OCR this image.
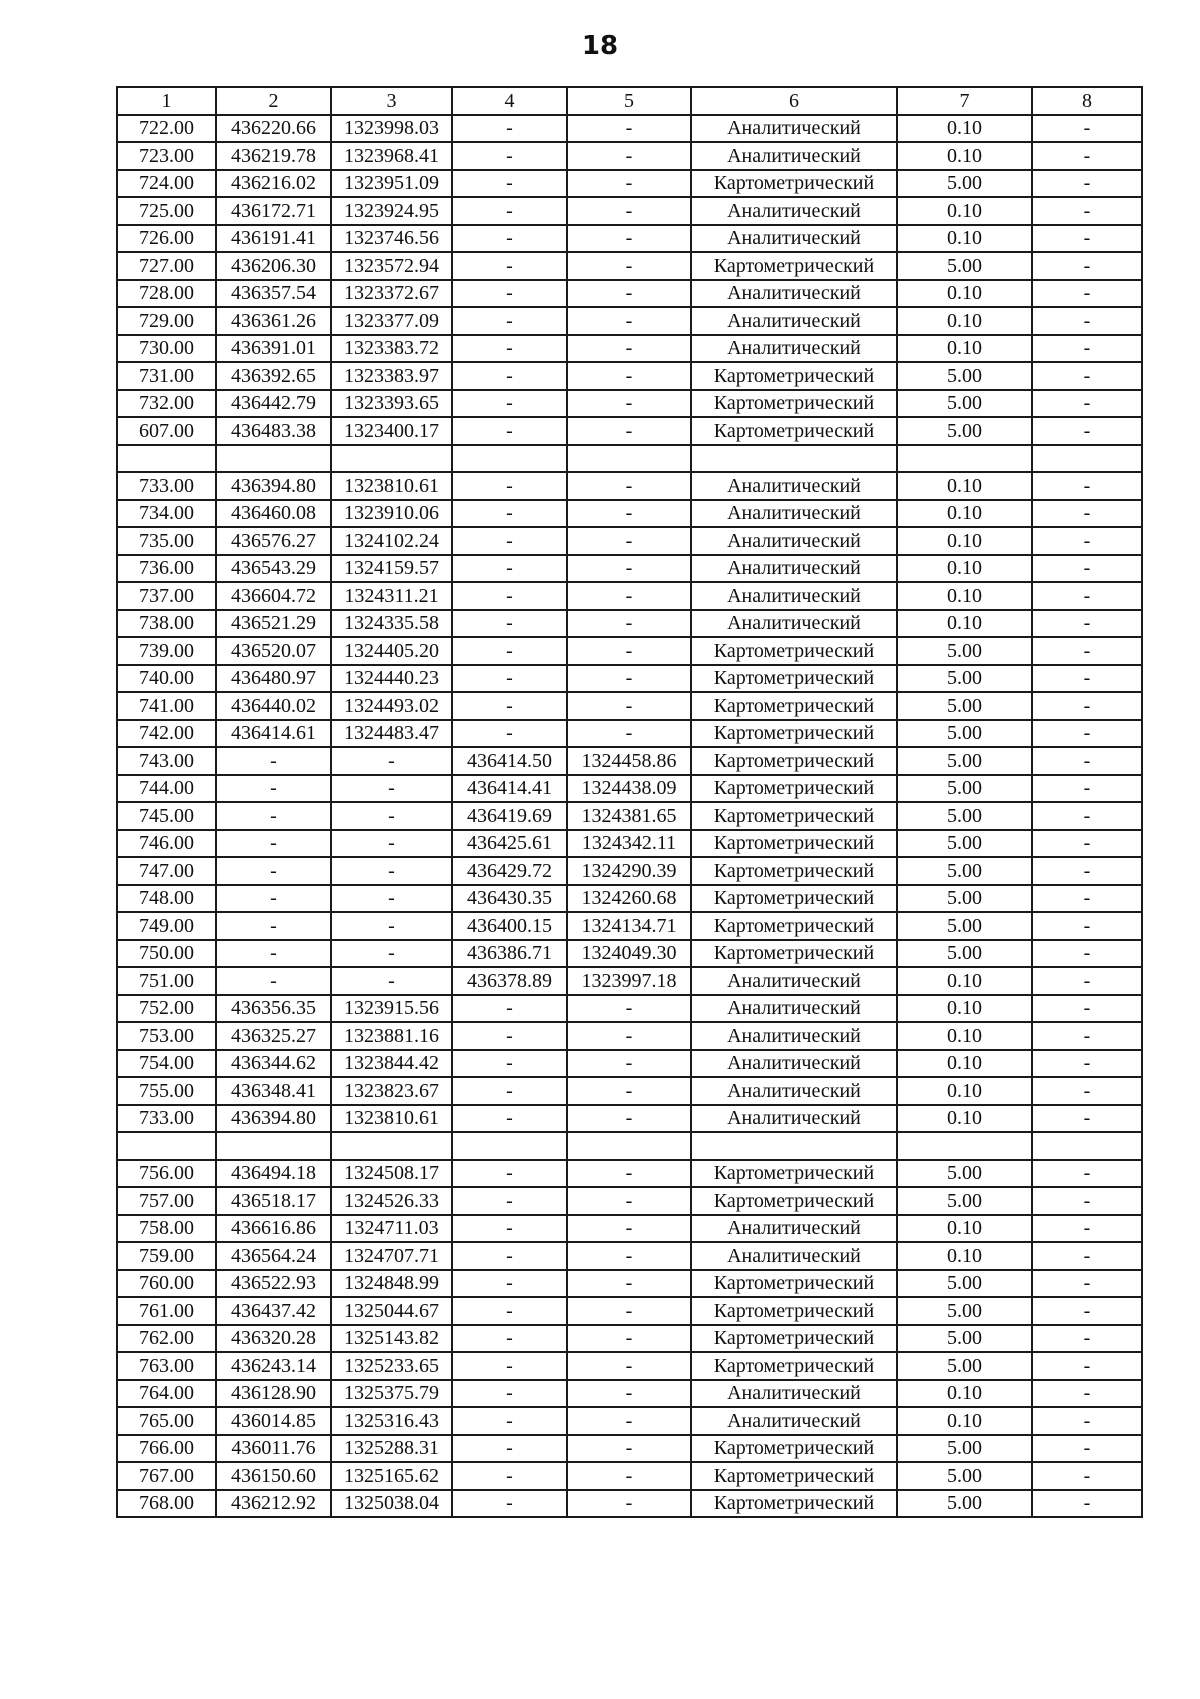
18
1	2	3	4	5	6	7	8
722.00	436220.66	1323998.03	-	-	Аналитический	0.10	-
723.00	436219.78	1323968.41	-	-	Аналитический	0.10	-
724.00	436216.02	1323951.09	-	-	Картометрический	5.00	-
725.00	436172.71	1323924.95	-	-	Аналитический	0.10	-
726.00	436191.41	1323746.56	-	-	Аналитический	0.10	-
727.00	436206.30	1323572.94	-	-	Картометрический	5.00	-
728.00	436357.54	1323372.67	-	-	Аналитический	0.10	-
729.00	436361.26	1323377.09	-	-	Аналитический	0.10	-
730.00	436391.01	1323383.72	-	-	Аналитический	0.10	-
731.00	436392.65	1323383.97	-	-	Картометрический	5.00	-
732.00	436442.79	1323393.65	-	-	Картометрический	5.00	-
607.00	436483.38	1323400.17	-	-	Картометрический	5.00	-

733.00	436394.80	1323810.61	-	-	Аналитический	0.10	-
734.00	436460.08	1323910.06	-	-	Аналитический	0.10	-
735.00	436576.27	1324102.24	-	-	Аналитический	0.10	-
736.00	436543.29	1324159.57	-	-	Аналитический	0.10	-
737.00	436604.72	1324311.21	-	-	Аналитический	0.10	-
738.00	436521.29	1324335.58	-	-	Аналитический	0.10	-
739.00	436520.07	1324405.20	-	-	Картометрический	5.00	-
740.00	436480.97	1324440.23	-	-	Картометрический	5.00	-
741.00	436440.02	1324493.02	-	-	Картометрический	5.00	-
742.00	436414.61	1324483.47	-	-	Картометрический	5.00	-
743.00	-	-	436414.50	1324458.86	Картометрический	5.00	-
744.00	-	-	436414.41	1324438.09	Картометрический	5.00	-
745.00	-	-	436419.69	1324381.65	Картометрический	5.00	-
746.00	-	-	436425.61	1324342.11	Картометрический	5.00	-
747.00	-	-	436429.72	1324290.39	Картометрический	5.00	-
748.00	-	-	436430.35	1324260.68	Картометрический	5.00	-
749.00	-	-	436400.15	1324134.71	Картометрический	5.00	-
750.00	-	-	436386.71	1324049.30	Картометрический	5.00	-
751.00	-	-	436378.89	1323997.18	Аналитический	0.10	-
752.00	436356.35	1323915.56	-	-	Аналитический	0.10	-
753.00	436325.27	1323881.16	-	-	Аналитический	0.10	-
754.00	436344.62	1323844.42	-	-	Аналитический	0.10	-
755.00	436348.41	1323823.67	-	-	Аналитический	0.10	-
733.00	436394.80	1323810.61	-	-	Аналитический	0.10	-

756.00	436494.18	1324508.17	-	-	Картометрический	5.00	-
757.00	436518.17	1324526.33	-	-	Картометрический	5.00	-
758.00	436616.86	1324711.03	-	-	Аналитический	0.10	-
759.00	436564.24	1324707.71	-	-	Аналитический	0.10	-
760.00	436522.93	1324848.99	-	-	Картометрический	5.00	-
761.00	436437.42	1325044.67	-	-	Картометрический	5.00	-
762.00	436320.28	1325143.82	-	-	Картометрический	5.00	-
763.00	436243.14	1325233.65	-	-	Картометрический	5.00	-
764.00	436128.90	1325375.79	-	-	Аналитический	0.10	-
765.00	436014.85	1325316.43	-	-	Аналитический	0.10	-
766.00	436011.76	1325288.31	-	-	Картометрический	5.00	-
767.00	436150.60	1325165.62	-	-	Картометрический	5.00	-
768.00	436212.92	1325038.04	-	-	Картометрический	5.00	-
